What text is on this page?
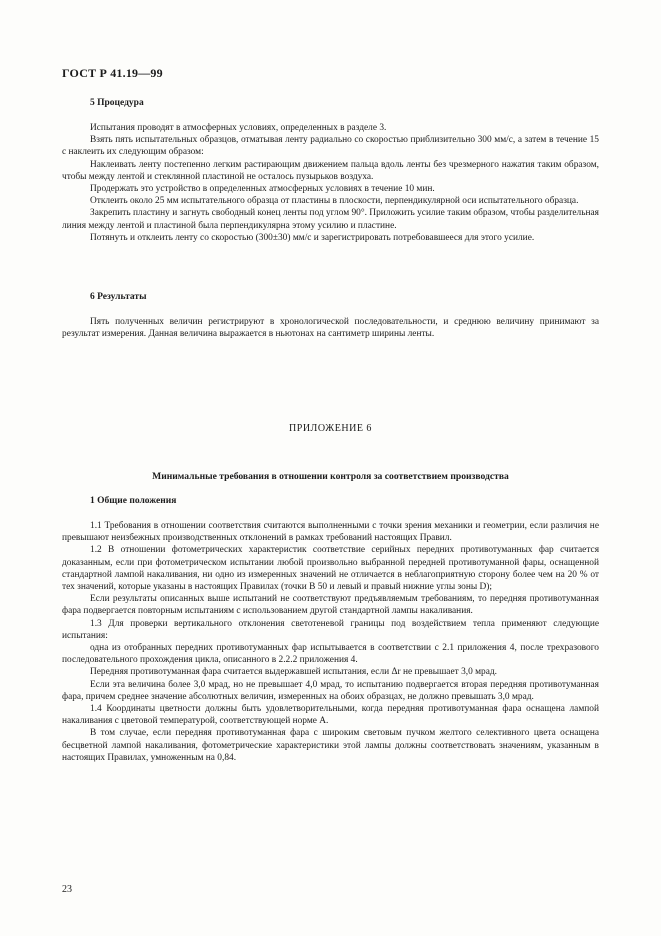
ГОСТ Р 41.19—99
5 Процедура

Испытания проводят в атмосферных условиях, определенных в разделе 3.

Взять пять испытательных образцов, отматывая ленту радиально со скоростью приблизительно 300 мм/с, а затем в течение 15 с наклеить их следующим образом:

Наклеивать ленту постепенно легким растирающим движением пальца вдоль ленты без чрезмерного нажатия таким образом, чтобы между лентой и стеклянной пластиной не осталось пузырьков воздуха.

Продержать это устройство в определенных атмосферных условиях в течение 10 мин.

Отклеить около 25 мм испытательного образца от пластины в плоскости, перпендикулярной оси испытательного образца.

Закрепить пластину и загнуть свободный конец ленты под углом 90°. Приложить усилие таким образом, чтобы разделительная линия между лентой и пластиной была перпендикулярна этому усилию и пластине.

Потянуть и отклеить ленту со скоростью (300±30) мм/с и зарегистрировать потребовавшееся для этого усилие.

6 Результаты

Пять полученных величин регистрируют в хронологической последовательности, и среднюю величину принимают за результат измерения. Данная величина выражается в ньютонах на сантиметр ширины ленты.

ПРИЛОЖЕНИЕ 6
Минимальные требования в отношении контроля за соответствием производства
1 Общие положения

1.1 Требования в отношении соответствия считаются выполненными с точки зрения механики и геометрии, если различия не превышают неизбежных производственных отклонений в рамках требований настоящих Правил.

1.2 В отношении фотометрических характеристик соответствие серийных передних противотуманных фар считается доказанным, если при фотометрическом испытании любой произвольно выбранной передней противотуманной фары, оснащенной стандартной лампой накаливания, ни одно из измеренных значений не отличается в неблагоприятную сторону более чем на 20 % от тех значений, которые указаны в настоящих Правилах (точки В 50 и левый и правый нижние углы зоны D);

Если результаты описанных выше испытаний не соответствуют предъявляемым требованиям, то передняя противотуманная фара подвергается повторным испытаниям с использованием другой стандартной лампы накаливания.

1.3 Для проверки вертикального отклонения светотеневой границы под воздействием тепла применяют следующие испытания:

одна из отобранных передних противотуманных фар испытывается в соответствии с 2.1 приложения 4, после трехразового последовательного прохождения цикла, описанного в 2.2.2 приложения 4.

Передняя противотуманная фара считается выдержавшей испытания, если Δr не превышает 3,0 мрад.

Если эта величина более 3,0 мрад, но не превышает 4,0 мрад, то испытанию подвергается вторая передняя противотуманная фара, причем среднее значение абсолютных величин, измеренных на обоих образцах, не должно превышать 3,0 мрад.

1.4 Координаты цветности должны быть удовлетворительными, когда передняя противотуманная фара оснащена лампой накаливания с цветовой температурой, соответствующей норме А.

В том случае, если передняя противотуманная фара с широким световым пучком желтого селективного цвета оснащена бесцветной лампой накаливания, фотометрические характеристики этой лампы должны соответствовать значениям, указанным в настоящих Правилах, умноженным на 0,84.

23
